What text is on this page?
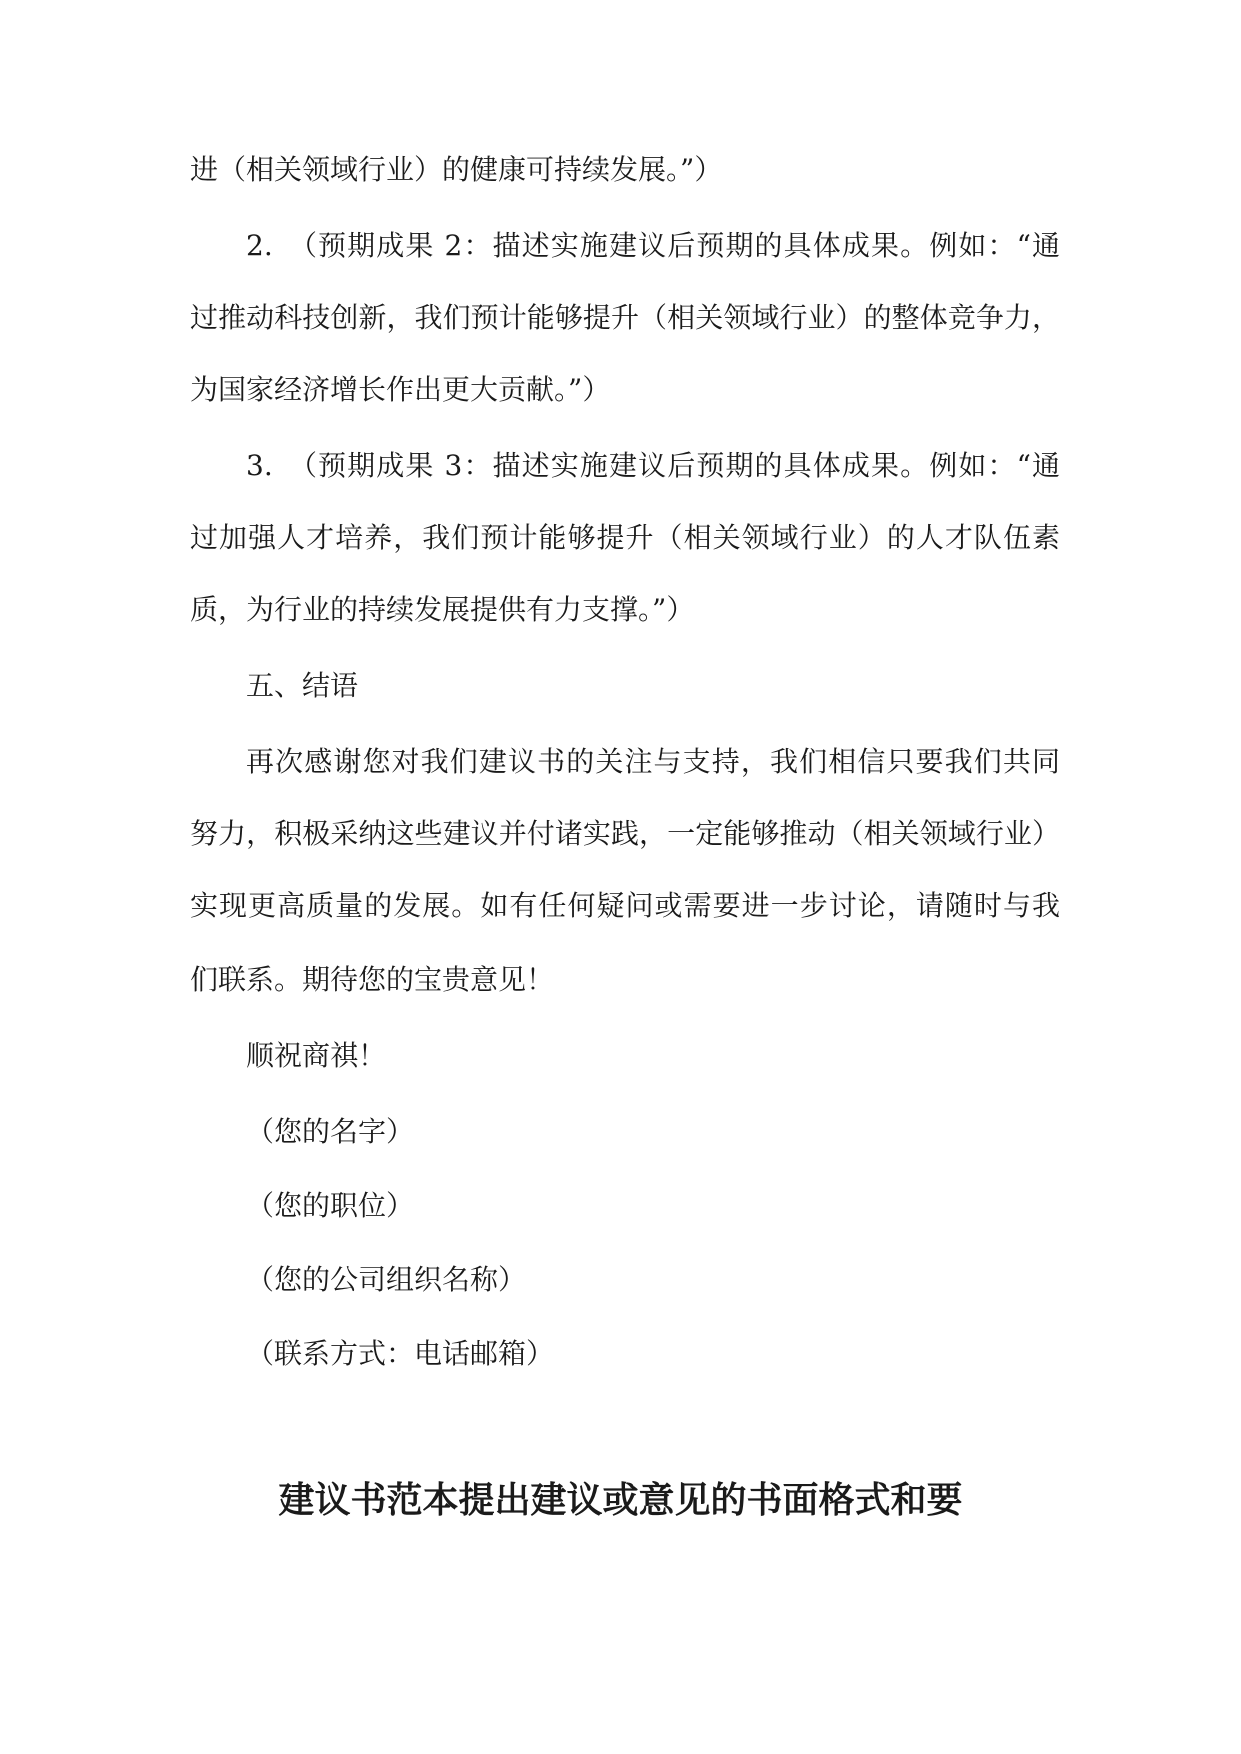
进（相关领域行业）的健康可持续发展。”）
2.　（预期成果 2：描述实施建议后预期的具体成果。例如：“通
过推动科技创新，我们预计能够提升（相关领域行业）的整体竞争力，
为国家经济增长作出更大贡献。”）
3.　（预期成果 3：描述实施建议后预期的具体成果。例如：“通
过加强人才培养，我们预计能够提升（相关领域行业）的人才队伍素
质，为行业的持续发展提供有力支撑。”）
五、结语
再次感谢您对我们建议书的关注与支持，我们相信只要我们共同
努力，积极采纳这些建议并付诸实践，一定能够推动（相关领域行业）
实现更高质量的发展。如有任何疑问或需要进一步讨论，请随时与我
们联系。期待您的宝贵意见！
顺祝商祺！
（您的名字）
（您的职位）
（您的公司组织名称）
（联系方式：电话邮箱）
建议书范本提出建议或意见的书面格式和要
